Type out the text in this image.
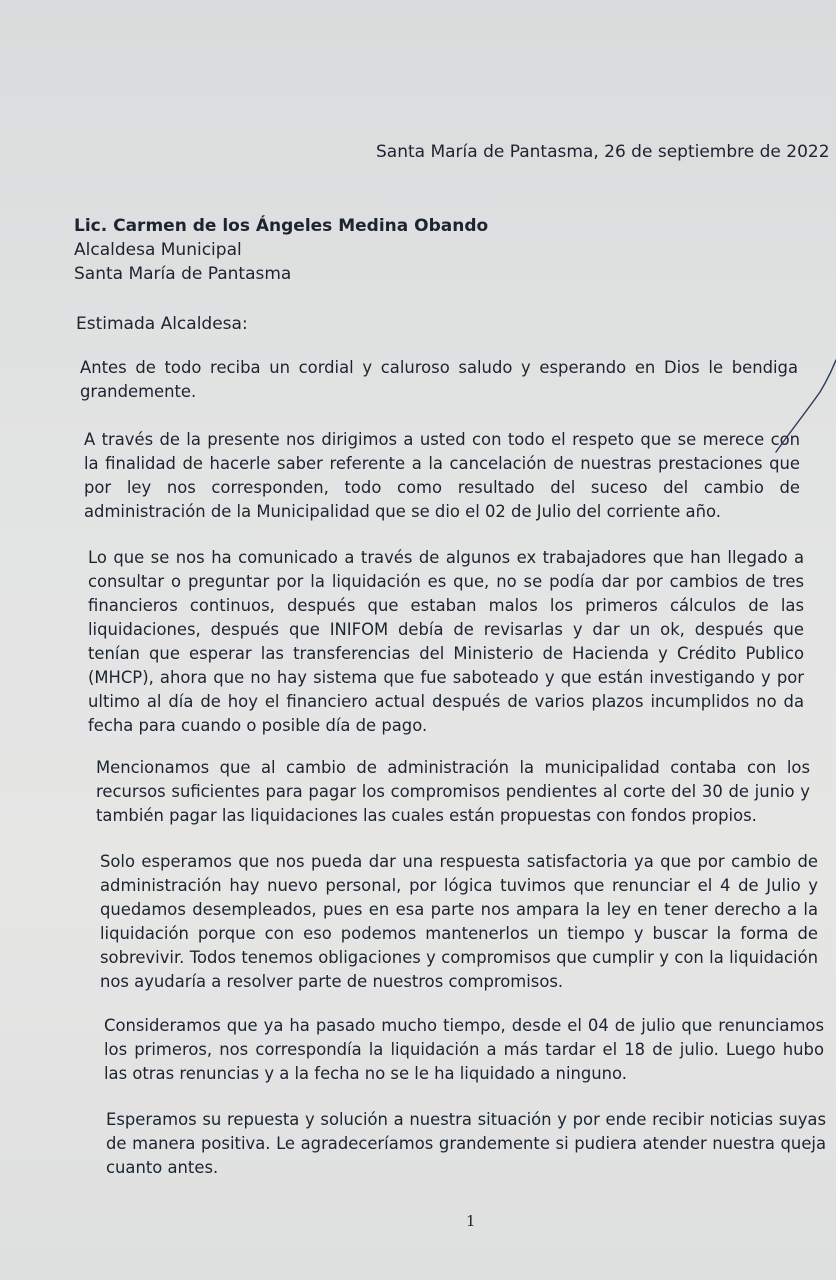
Santa María de Pantasma, 26 de septiembre de 2022
Lic. Carmen de los Ángeles Medina Obando
Alcaldesa Municipal
Santa María de Pantasma
Estimada Alcaldesa:

Antes de todo reciba un cordial y caluroso saludo y esperando en Dios le bendiga grandemente.

A través de la presente nos dirigimos a usted con todo el respeto que se merece con la finalidad de hacerle saber referente a la cancelación de nuestras prestaciones que por ley nos corresponden, todo como resultado del suceso del cambio de administración de la Municipalidad que se dio el 02 de Julio del corriente año.

Lo que se nos ha comunicado a través de algunos ex trabajadores que han llegado a consultar o preguntar por la liquidación es que, no se podía dar por cambios de tres financieros continuos, después que estaban malos los primeros cálculos de las liquidaciones, después que INIFOM debía de revisarlas y dar un ok, después que tenían que esperar las transferencias del Ministerio de Hacienda y Crédito Publico (MHCP), ahora que no hay sistema que fue saboteado y que están investigando y por ultimo al día de hoy el financiero actual después de varios plazos incumplidos no da fecha para cuando o posible día de pago.

Mencionamos que al cambio de administración la municipalidad contaba con los recursos suficientes para pagar los compromisos pendientes al corte del 30 de junio y también pagar las liquidaciones las cuales están propuestas con fondos propios.

Solo esperamos que nos pueda dar una respuesta satisfactoria ya que por cambio de administración hay nuevo personal, por lógica tuvimos que renunciar el 4 de Julio y quedamos desempleados, pues en esa parte nos ampara la ley en tener derecho a la liquidación porque con eso podemos mantenerlos un tiempo y buscar la forma de sobrevivir. Todos tenemos obligaciones y compromisos que cumplir y con la liquidación nos ayudaría a resolver parte de nuestros compromisos.

Consideramos que ya ha pasado mucho tiempo, desde el 04 de julio que renunciamos los primeros, nos correspondía la liquidación a más tardar el 18 de julio. Luego hubo las otras renuncias y a la fecha no se le ha liquidado a ninguno.

Esperamos su repuesta y solución a nuestra situación y por ende recibir noticias suyas de manera positiva. Le agradeceríamos grandemente si pudiera atender nuestra queja cuanto antes.

1
